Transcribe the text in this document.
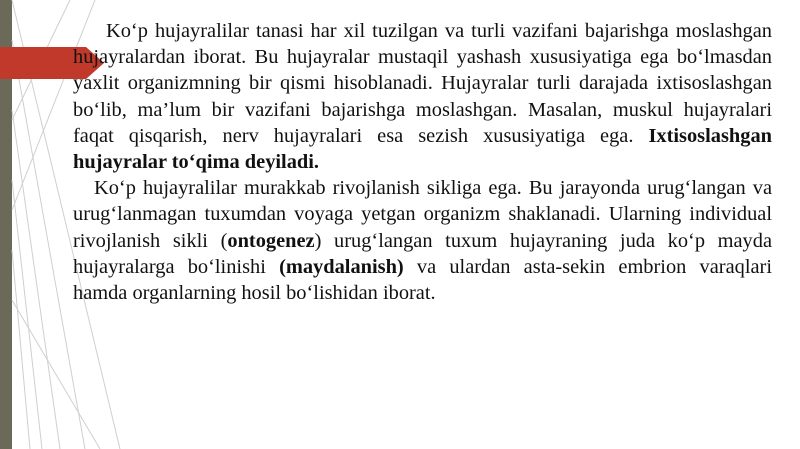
Ko‘p hujayralilar tanasi har xil tuzilgan va turli vazifani bajarishga moslashgan hujayralardan iborat. Bu hujayralar mustaqil yashash xususiyatiga ega bo‘lmasdan yaxlit organizmning bir qismi hisoblanadi. Hujayralar turli darajada ixtisoslashgan bo‘lib, ma’lum bir vazifani bajarishga moslashgan. Masalan, muskul hujayralari faqat qisqarish, nerv hujayralari esa sezish xususiyatiga ega. Ixtisoslashgan hujayralar to‘qima deyiladi.

Ko‘p hujayralilar murakkab rivojlanish sikliga ega. Bu jarayonda urug‘langan va urug‘lanmagan tuxumdan voyaga yetgan organizm shaklanadi. Ularning individual rivojlanish sikli (ontogenez) urug‘langan tuxum hujayraning juda ko‘p mayda hujayralarga bo‘linishi (maydalanish) va ulardan asta-sekin embrion varaqlari hamda organlarning hosil bo‘lishidan iborat.
